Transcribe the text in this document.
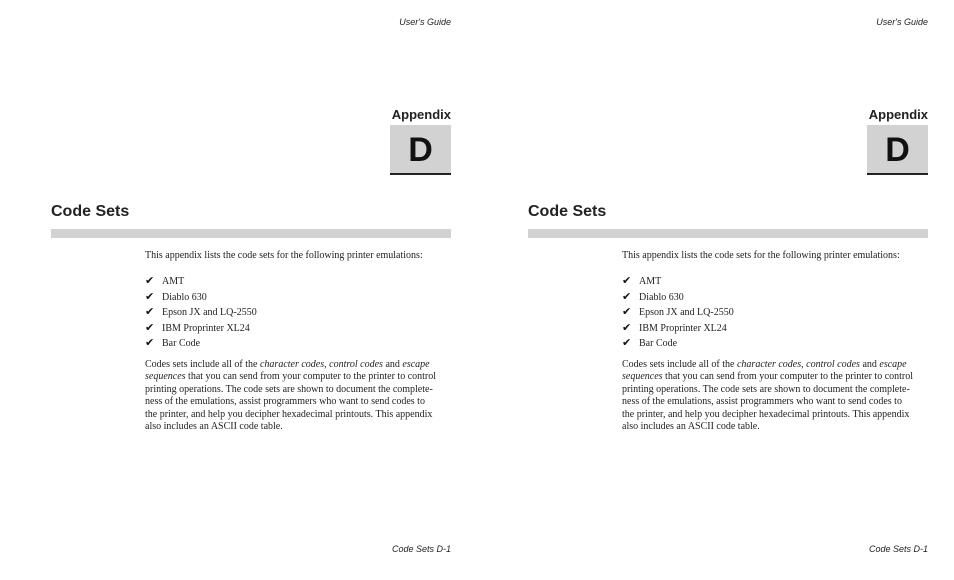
User's Guide
Appendix
D
Code Sets
This appendix lists the code sets for the following printer emulations:
✔ AMT
✔ Diablo 630
✔ Epson JX and LQ-2550
✔ IBM Proprinter XL24
✔ Bar Code

Codes sets include all of the character codes, control codes and escape
sequences that you can send from your computer to the printer to control
printing operations. The code sets are shown to document the complete-
ness of the emulations, assist programmers who want to send codes to
the printer, and help you decipher hexadecimal printouts. This appendix
also includes an ASCII code table.

Code Sets D-1
User's Guide
Appendix
D
Code Sets
This appendix lists the code sets for the following printer emulations:
✔ AMT
✔ Diablo 630
✔ Epson JX and LQ-2550
✔ IBM Proprinter XL24
✔ Bar Code

Codes sets include all of the character codes, control codes and escape
sequences that you can send from your computer to the printer to control
printing operations. The code sets are shown to document the complete-
ness of the emulations, assist programmers who want to send codes to
the printer, and help you decipher hexadecimal printouts. This appendix
also includes an ASCII code table.

Code Sets D-1
